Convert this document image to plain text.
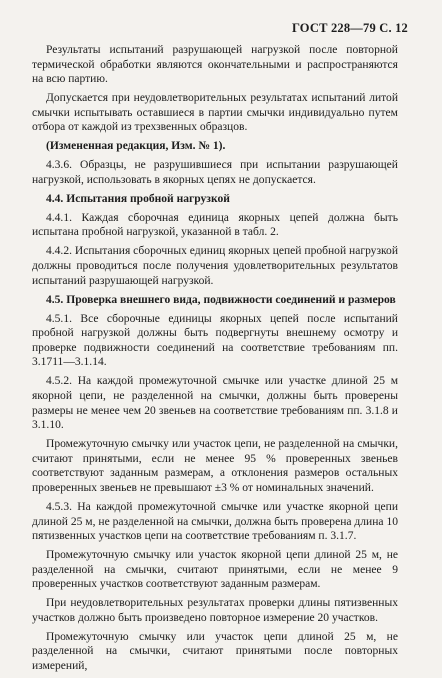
ГОСТ 228—79 С. 12

Результаты испытаний разрушающей нагрузкой после повторной термической обработки являются окончательными и распространяются на всю партию.

Допускается при неудовлетворительных результатах испытаний литой смычки испытывать оставшиеся в партии смычки индивидуально путем отбора от каждой из трехзвенных образцов.

(Измененная редакция, Изм. № 1).

4.3.6. Образцы, не разрушившиеся при испытании разрушающей нагрузкой, использовать в якорных цепях не допускается.

4.4. Испытания пробной нагрузкой

4.4.1. Каждая сборочная единица якорных цепей должна быть испытана пробной нагрузкой, указанной в табл. 2.

4.4.2. Испытания сборочных единиц якорных цепей пробной нагрузкой должны проводиться после получения удовлетворительных результатов испытаний разрушающей нагрузкой.

4.5. Проверка внешнего вида, подвижности соединений и размеров

4.5.1. Все сборочные единицы якорных цепей после испытаний пробной нагрузкой должны быть подвергнуты внешнему осмотру и проверке подвижности соединений на соответствие требованиям пп. 3.1711—3.1.14.

4.5.2. На каждой промежуточной смычке или участке длиной 25 м якорной цепи, не разделенной на смычки, должны быть проверены размеры не менее чем 20 звеньев на соответствие требованиям пп. 3.1.8 и 3.1.10.

Промежуточную смычку или участок цепи, не разделенной на смычки, считают принятыми, если не менее 95 % проверенных звеньев соответствуют заданным размерам, а отклонения размеров остальных проверенных звеньев не превышают ±3 % от номинальных значений.

4.5.3. На каждой промежуточной смычке или участке якорной цепи длиной 25 м, не разделенной на смычки, должна быть проверена длина 10 пятизвенных участков цепи на соответствие требованиям п. 3.1.7.

Промежуточную смычку или участок якорной цепи длиной 25 м, не разделенной на смычки, считают принятыми, если не менее 9 проверенных участков соответствуют заданным размерам.

При неудовлетворительных результатах проверки длины пятизвенных участков должно быть произведено повторное измерение 20 участков.

Промежуточную смычку или участок цепи длиной 25 м, не разделенной на смычки, считают принятыми после повторных измерений,
